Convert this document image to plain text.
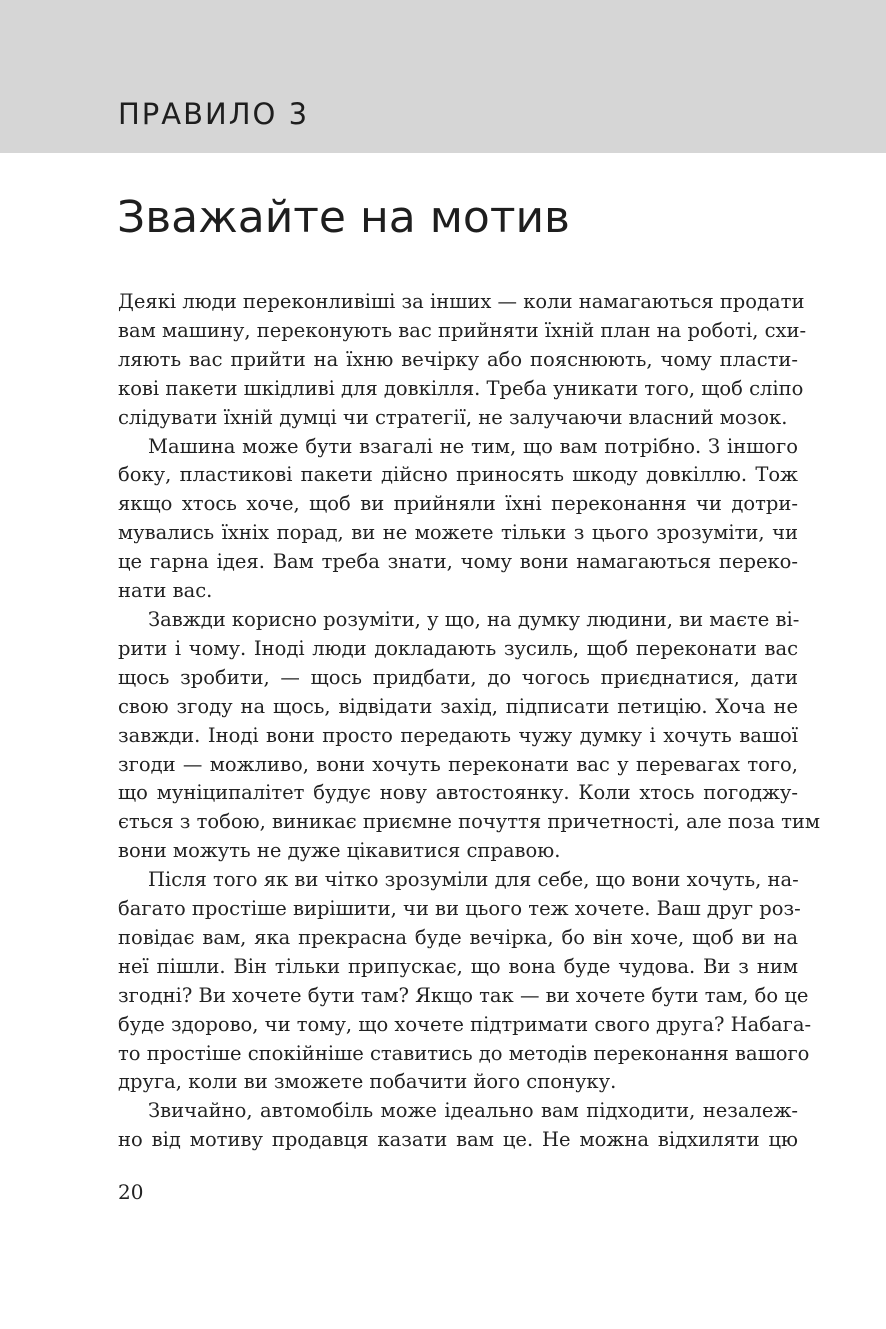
ПРАВИЛО 3
Зважайте на мотив
Деякі люди переконливіші за інших — коли намагаються продати
вам машину, переконують вас прийняти їхній план на роботі, схи-
ляють вас прийти на їхню вечірку або пояснюють, чому пласти-
кові пакети шкідливі для довкілля. Треба уникати того, щоб сліпо
слідувати їхній думці чи стратегії, не залучаючи власний мозок.
Машина може бути взагалі не тим, що вам потрібно. З іншого
боку, пластикові пакети дійсно приносять шкоду довкіллю. Тож
якщо хтось хоче, щоб ви прийняли їхні переконання чи дотри-
мувались їхніх порад, ви не можете тільки з цього зрозуміти, чи
це гарна ідея. Вам треба знати, чому вони намагаються переко-
нати вас.
Завжди корисно розуміти, у що, на думку людини, ви маєте ві-
рити і чому. Іноді люди докладають зусиль, щоб переконати вас
щось зробити, — щось придбати, до чогось приєднатися, дати
свою згоду на щось, відвідати захід, підписати петицію. Хоча не
завжди. Іноді вони просто передають чужу думку і хочуть вашої
згоди — можливо, вони хочуть переконати вас у перевагах того,
що муніципалітет будує нову автостоянку. Коли хтось погоджу-
ється з тобою, виникає приємне почуття причетності, але поза тим
вони можуть не дуже цікавитися справою.
Після того як ви чітко зрозуміли для себе, що вони хочуть, на-
багато простіше вирішити, чи ви цього теж хочете. Ваш друг роз-
повідає вам, яка прекрасна буде вечірка, бо він хоче, щоб ви на
неї пішли. Він тільки припускає, що вона буде чудова. Ви з ним
згодні? Ви хочете бути там? Якщо так — ви хочете бути там, бо це
буде здорово, чи тому, що хочете підтримати свого друга? Набага-
то простіше спокійніше ставитись до методів переконання вашого
друга, коли ви зможете побачити його спонуку.
Звичайно, автомобіль може ідеально вам підходити, незалеж-
но від мотиву продавця казати вам це. Не можна відхиляти цю
20
